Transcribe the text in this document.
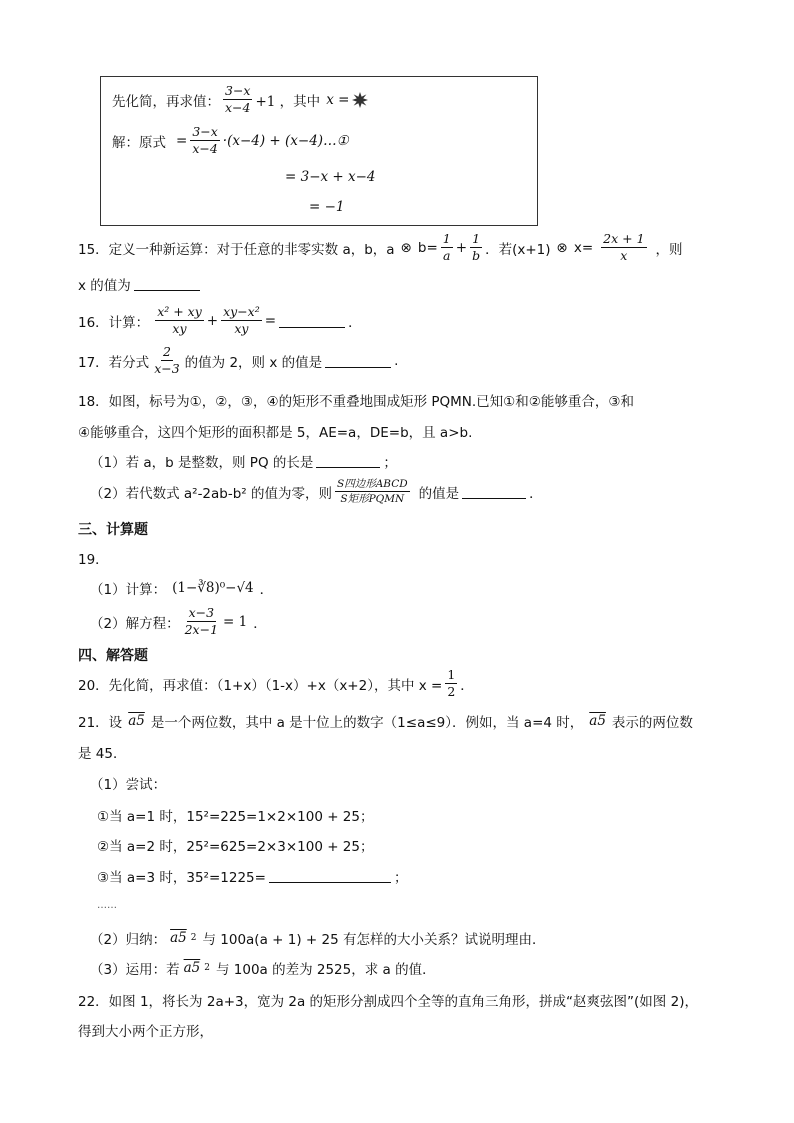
先化简，再求值： $\frac{3-x}{x-4} +1$ ，其中 x =
解：原式 = $\frac{3-x}{x-4} \cdot(x-4)$ + (x−4)…①
= 3−x + x−4
= −1
15．定义一种新运算：对于任意的非零实数 a，b，a ⊗ $b= \frac{1}{a} + \frac{1}{b}$ ．若(x+1) ⊗ $x= \frac{2x + 1}{x}$ ，则
x 的值为
16．计算： $\frac{\text{x² + xy}}{xy} + \frac{\text{xy−x²}}{xy}$ =	．
17．若分式 $\frac{2}{x-3}$ 的值为 2，则 x 的值是	.
18．如图，标号为①，②，③，④的矩形不重叠地围成矩形 PQMN.已知①和②能够重合，③和
④能够重合，这四个矩形的面积都是 5，AE=a，DE=b，且 a>b.
（1）若 a，b 是整数，则 PQ 的长是	；
（2）若代数式 a²-2ab-b² 的值为零，则 $\frac{\text{S四边形ABCD}}{\text{S矩形PQMN}}$ 的值是	．
三、计算题
19．
（1）计算： (1−∛8)⁰−√4 ．
（2）解方程： $\frac{x-3}{2x-1} = 1$ ．
四、解答题
20．先化简，再求值：（1+x）（1-x）+x（x+2），其中 $x = \frac{1}{2}$ ．
21．设 a5 是一个两位数，其中 a 是十位上的数字（1≤a≤9）．例如，当 a=4 时， a5 表示的两位数
是 45．
（1）尝试：
①当 a=1 时，15²=225=1×2×100 + 25；
②当 a=2 时，25²=625=2×3×100 + 25；
③当 a=3 时，35²=1225=	；
……
（2）归纳： a5 2 与 100a(a + 1) + 25 有怎样的大小关系？试说明理由．
（3）运用：若 a5 2 与 100a 的差为 2525，求 a 的值．
22．如图 1，将长为 2a+3，宽为 2a 的矩形分割成四个全等的直角三角形，拼成“赵爽弦图”(如图 2)，
得到大小两个正方形，
